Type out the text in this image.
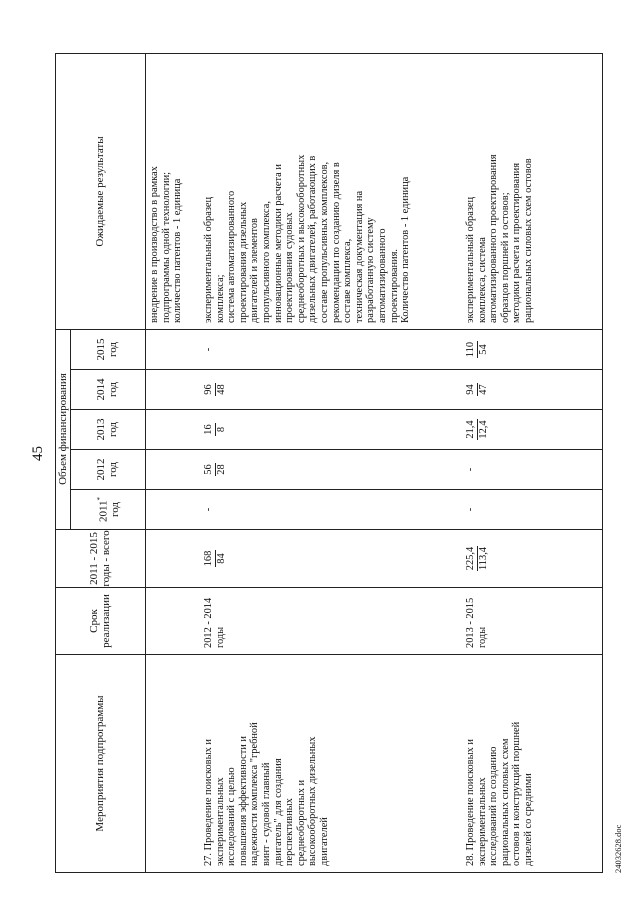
45
Мероприятия подпрограммы
Срок реализации
2011 - 2015 годы - всего
Объем финансирования
2011*
год
2012 год
2013 год
2014 год
2015 год
Ожидаемые результаты
внедрение в производство в рамках
подпрограммы одной технологии;
количество патентов - 1 единица
27. Проведение поисковых и
экспериментальных
исследований с целью
повышения эффективности и
надежности комплекса "гребной
винт - судовой главный
двигатель" для создания
перспективных
среднеоборотных и
высокооборотных дизельных
двигателей
2012 - 2014
годы
168 84
-
56 28
16 8
96 48
-
экспериментальный образец
комплекса;
система автоматизированного
проектирования дизельных
двигателей и элементов
пропульсивного комплекса,
инновационные методики расчета и
проектирования судовых
среднеоборотных и высокооборотных
дизельных двигателей, работающих в
составе пропульсивных комплексов,
рекомендации по созданию дизеля в
составе комплекса,
техническая документация на
разработанную систему
автоматизированного
проектирования.
Количество патентов - 1 единица
28. Проведение поисковых и
экспериментальных
исследований по созданию
рациональных силовых схем
остовов и конструкций поршней
дизелей со средними
2013 - 2015
годы
225,4 113,4
-
-
21,4 12,4
94 47
110 54
экспериментальный образец
комплекса, система
автоматизированного проектирования
образцов поршней и остовов;
методики расчета и проектирования
рациональных силовых схем остовов
24032628.doc
